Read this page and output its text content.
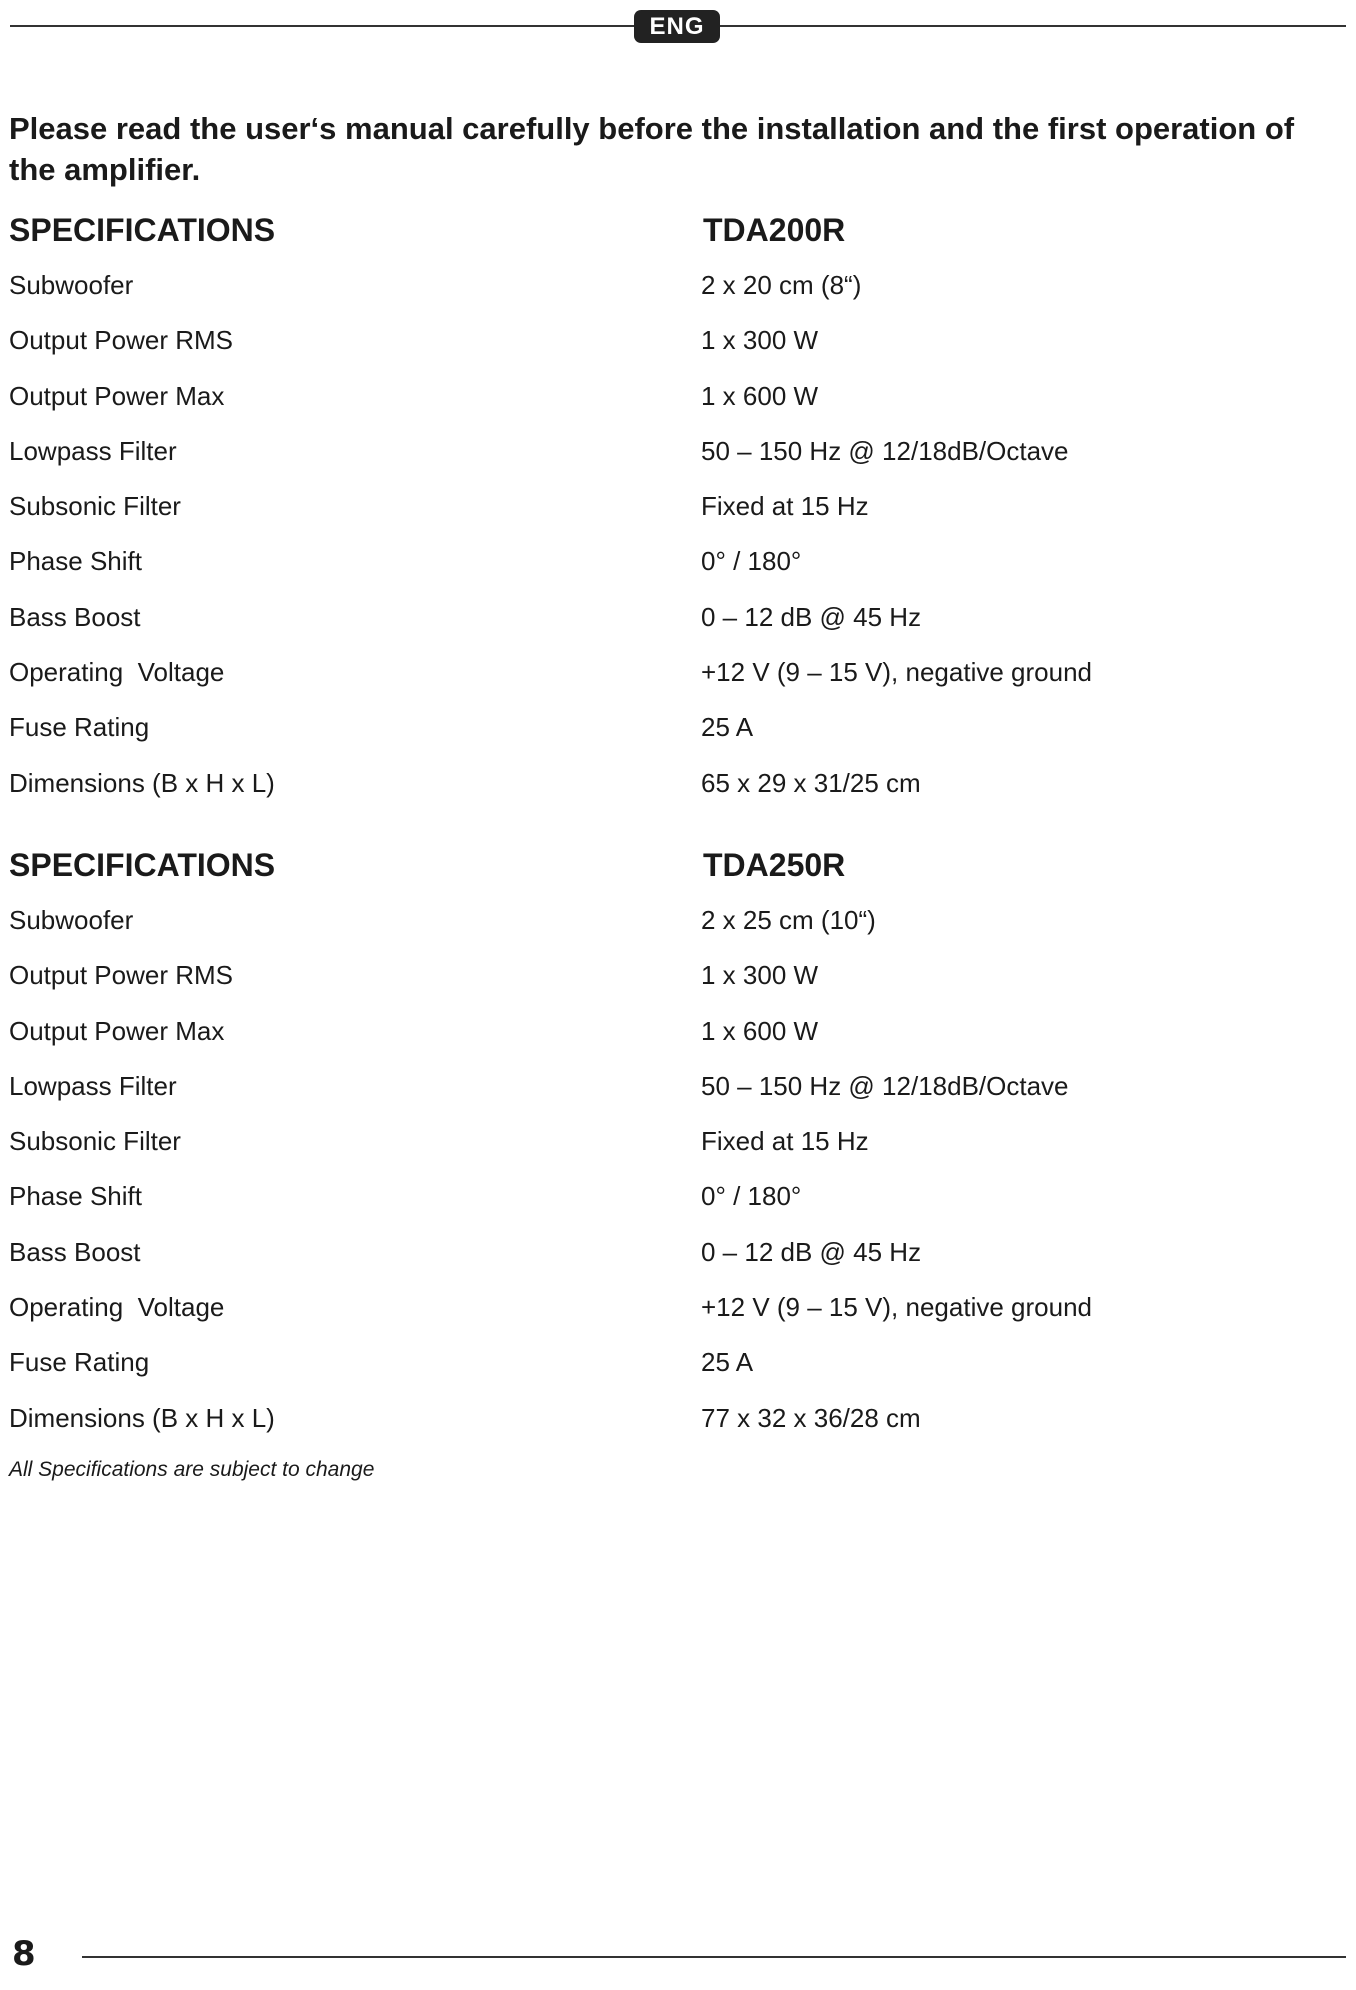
ENG

Please read the user‘s manual carefully before the installation and the first operation of the amplifier.

SPECIFICATIONS	TDA200R
Subwoofer	2 x 20 cm (8“)
Output Power RMS	1 x 300 W
Output Power Max	1 x 600 W
Lowpass Filter	50 – 150 Hz @ 12/18dB/Octave
Subsonic Filter	Fixed at 15 Hz
Phase Shift	0° / 180°
Bass Boost	0 – 12 dB @ 45 Hz
Operating  Voltage	+12 V (9 – 15 V), negative ground
Fuse Rating	25 A
Dimensions (B x H x L)	65 x 29 x 31/25 cm
SPECIFICATIONS	TDA250R
Subwoofer	2 x 25 cm (10“)
Output Power RMS	1 x 300 W
Output Power Max	1 x 600 W
Lowpass Filter	50 – 150 Hz @ 12/18dB/Octave
Subsonic Filter	Fixed at 15 Hz
Phase Shift	0° / 180°
Bass Boost	0 – 12 dB @ 45 Hz
Operating  Voltage	+12 V (9 – 15 V), negative ground
Fuse Rating	25 A
Dimensions (B x H x L)	77 x 32 x 36/28 cm
All Specifications are subject to change
8
